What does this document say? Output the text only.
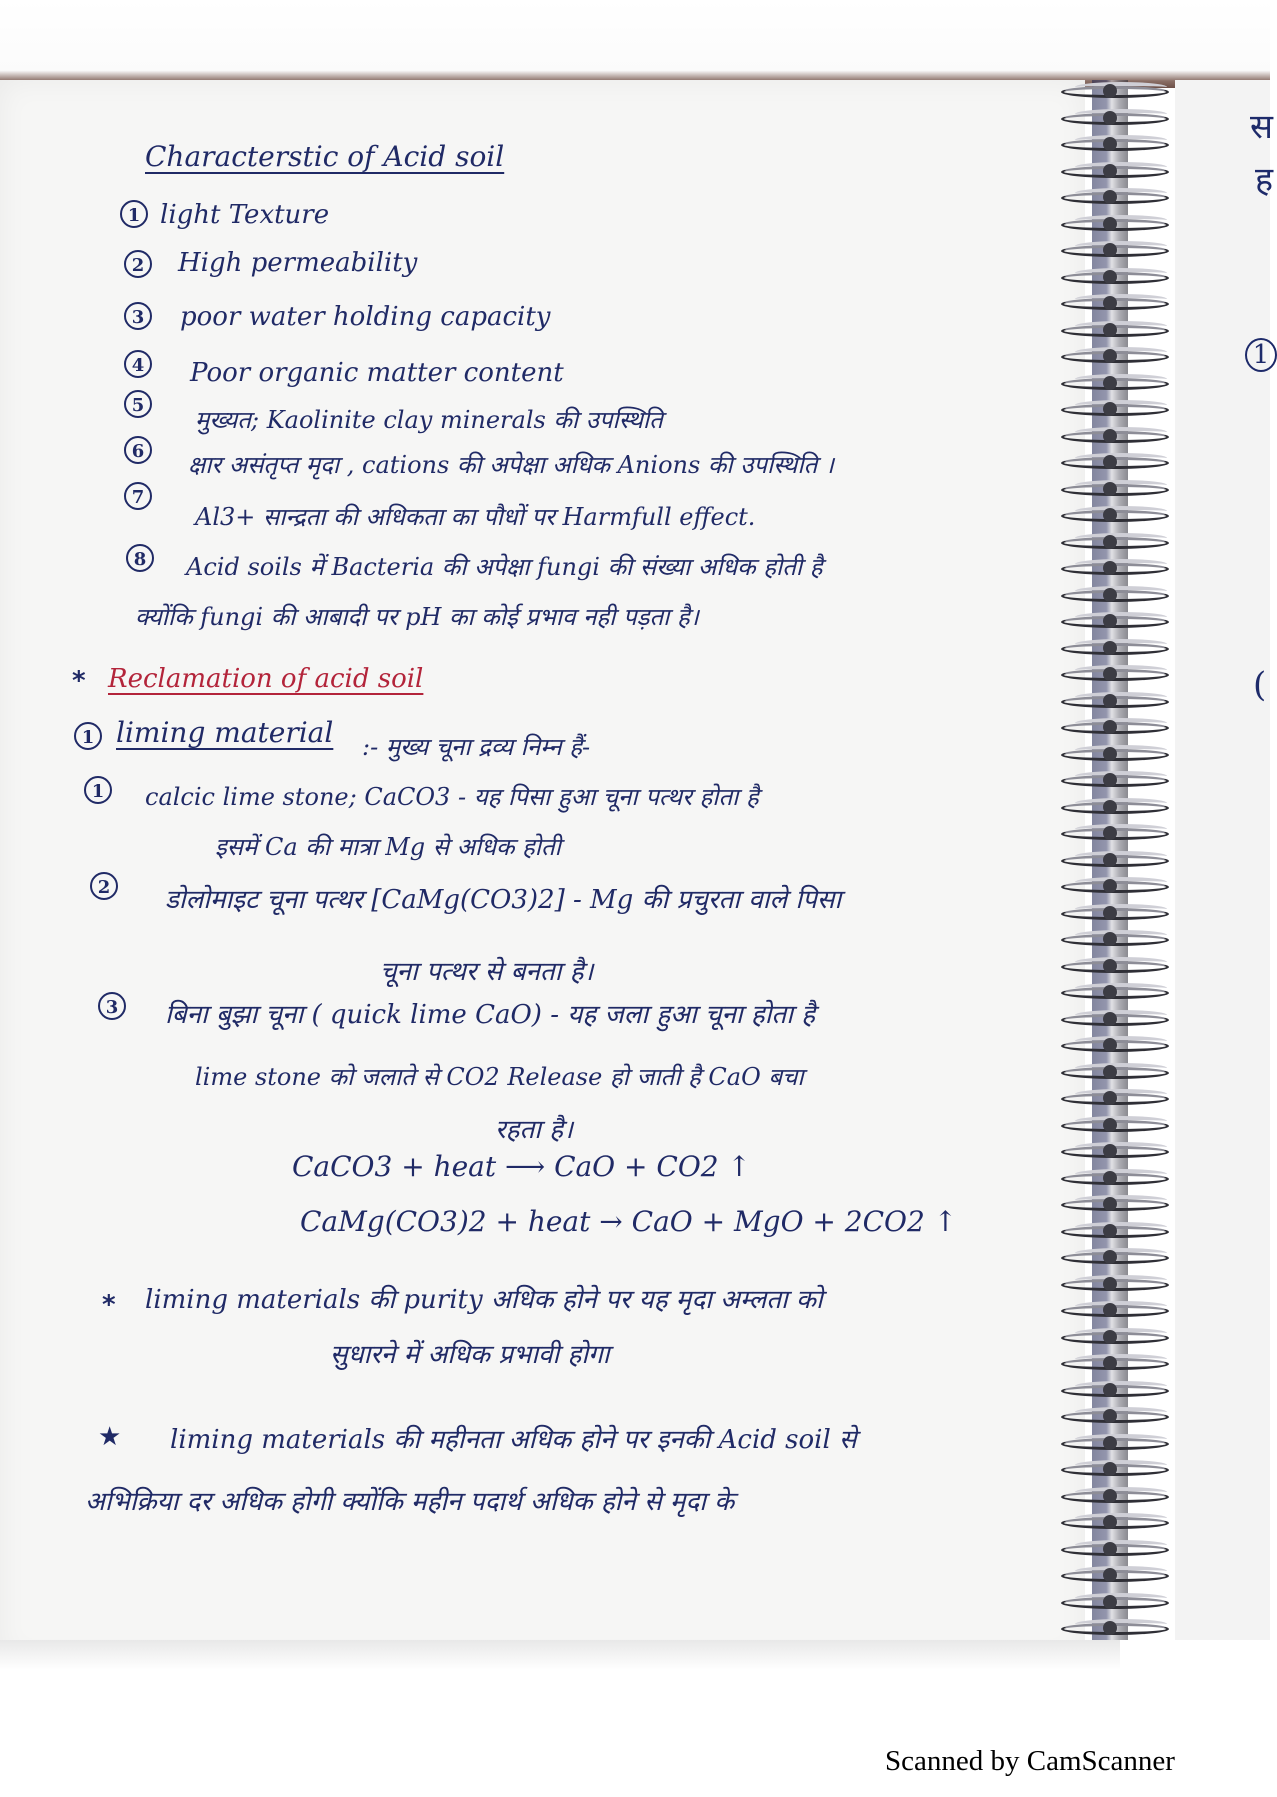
स
ह
1
(
Characterstic of Acid soil
1 light Texture
2 High permeability
3 poor water holding capacity
4 Poor organic matter content
5
मुख्यत; Kaolinite clay minerals की उपस्थिति
6	क्षार असंतृप्त मृदा , cations की अपेक्षा अधिक Anions की उपस्थिति ।
7
Al3+ सान्द्रता की अधिकता का पौधों पर Harmfull effect.
8	Acid soils में Bacteria की अपेक्षा fungi की संख्या अधिक होती है
क्योंकि fungi की आबादी पर pH का कोई प्रभाव नही पड़ता है।
* Reclamation of acid soil
1 liming material :- मुख्य चूना द्रव्य निम्न हैं-
1	calcic lime stone; CaCO3 - यह पिसा हुआ चूना पत्थर होता है
इसमें Ca की मात्रा Mg से अधिक होती
2 डोलोमाइट चूना पत्थर [CaMg(CO3)2] - Mg की प्रचुरता वाले पिसा
चूना पत्थर से बनता है।
3 बिना बुझा चूना ( quick lime CaO) - यह जला हुआ चूना होता है
lime stone को जलाते से CO2 Release हो जाती है CaO बचा
रहता है।
CaCO3 + heat ⟶ CaO + CO2 ↑
CaMg(CO3)2 + heat → CaO + MgO + 2CO2 ↑
* liming materials की purity अधिक होने पर यह मृदा अम्लता को
सुधारने में अधिक प्रभावी होगा
★ liming materials की महीनता अधिक होने पर इनकी Acid soil से
अभिक्रिया दर अधिक होगी क्योंकि महीन पदार्थ अधिक होने से मृदा के
Scanned by CamScanner
